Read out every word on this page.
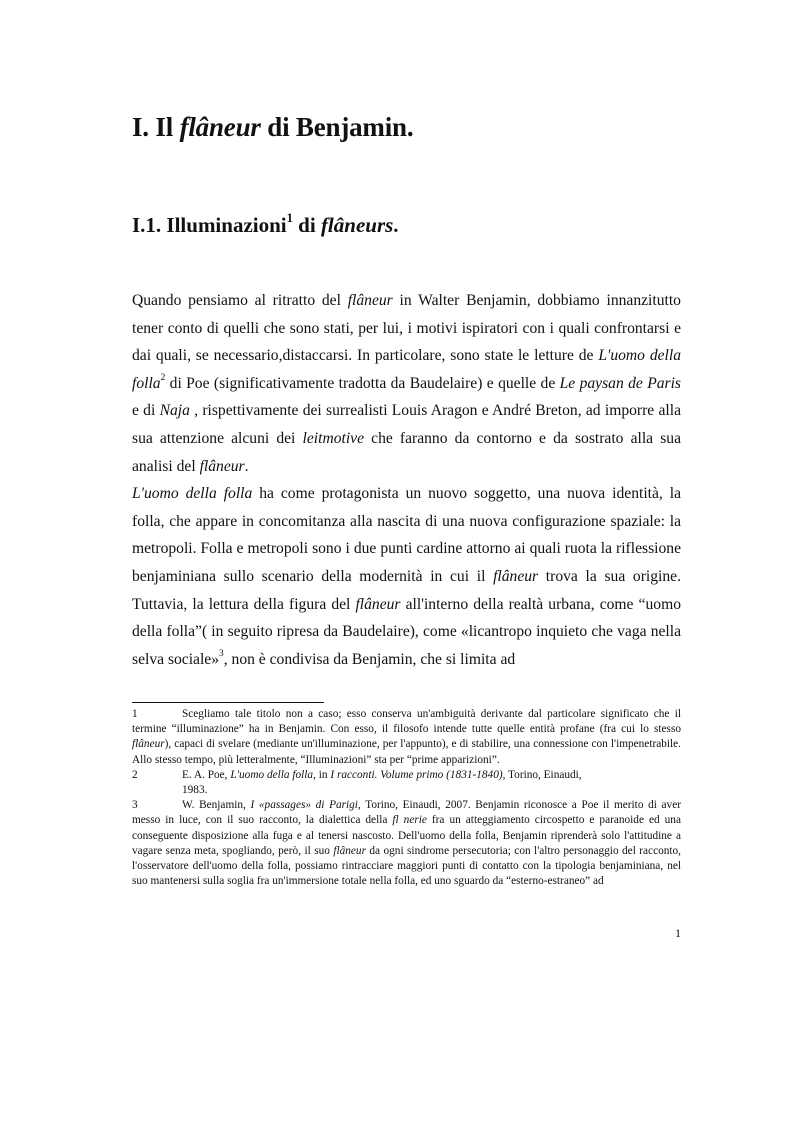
I. Il flâneur di Benjamin.
I.1. Illuminazioni$^1$ di flâneurs.

Quando pensiamo al ritratto del flâneur in Walter Benjamin, dobbiamo innanzitutto tener conto di quelli che sono stati, per lui, i motivi ispiratori con i quali confrontarsi e dai quali, se necessario,distaccarsi. In particolare, sono state le letture de L'uomo della folla$^2$ di Poe (significativamente tradotta da Baudelaire) e quelle de Le paysan de Paris e di Naja , rispettivamente dei surrealisti Louis Aragon e André Breton, ad imporre alla sua attenzione alcuni dei leitmotive che faranno da contorno e da sostrato alla sua analisi del flâneur.

L'uomo della folla ha come protagonista un nuovo soggetto, una nuova identità, la folla, che appare in concomitanza alla nascita di una nuova configurazione spaziale: la metropoli. Folla e metropoli sono i due punti cardine attorno ai quali ruota la riflessione benjaminiana sullo scenario della modernità in cui il flâneur trova la sua origine. Tuttavia, la lettura della figura del flâneur all'interno della realtà urbana, come “uomo della folla”( in seguito ripresa da Baudelaire), come «licantropo inquieto che vaga nella selva sociale»$^3$, non è condivisa da Benjamin, che si limita ad

1	Scegliamo tale titolo non a caso; esso conserva un'ambiguità derivante dal particolare significato che il termine “illuminazione” ha in Benjamin. Con esso, il filosofo intende tutte quelle entità profane (fra cui lo stesso flâneur), capaci di svelare (mediante un'illuminazione, per l'appunto), e di stabilire, una connessione con l'impenetrabile. Allo stesso tempo, più letteralmente, “Illuminazioni” sta per “prime apparizioni”.

2	E. A. Poe, L'uomo della folla, in I racconti. Volume primo (1831-1840), Torino, Einaudi,

1983.

3	W. Benjamin, I «passages» di Parigi, Torino, Einaudi, 2007. Benjamin riconosce a Poe il merito di aver messo in luce, con il suo racconto, la dialettica della fl nerie fra un atteggiamento circospetto e paranoide ed una conseguente disposizione alla fuga e al tenersi nascosto. Dell'uomo della folla, Benjamin riprenderà solo l'attitudine a vagare senza meta, spogliando, però, il suo flâneur da ogni sindrome persecutoria; con l'altro personaggio del racconto, l'osservatore dell'uomo della folla, possiamo rintracciare maggiori punti di contatto con la tipologia benjaminiana, nel suo mantenersi sulla soglia fra un'immersione totale nella folla, ed uno sguardo da “esterno-estraneo” ad

1
